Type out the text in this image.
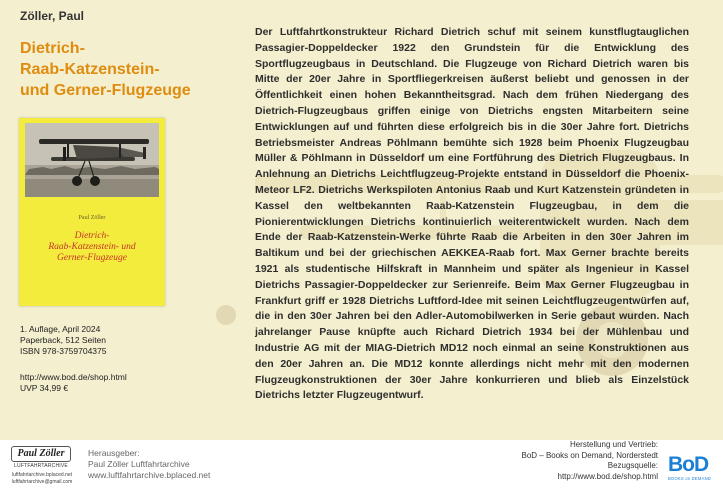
Zöller, Paul
Dietrich-
Raab-Katzenstein-
und Gerner-Flugzeuge
Paul Zöller
Dietrich-
Raab-Katzenstein- und
Gerner-Flugzeuge
1. Auflage, April 2024
Paperback, 512 Seiten
ISBN 978-3759704375
http://www.bod.de/shop.html
UVP 34,99 €
Der Luftfahrtkonstrukteur Richard Dietrich schuf mit seinem kunstflugtauglichen Passagier-Doppeldecker 1922 den Grundstein für die Entwicklung des Sportflugzeugbaus in Deutschland. Die Flugzeuge von Richard Dietrich waren bis Mitte der 20er Jahre in Sportfliegerkreisen äußerst beliebt und genossen in der Öffentlichkeit einen hohen Bekanntheitsgrad. Nach dem frühen Niedergang des Dietrich-Flugzeugbaus griffen einige von Dietrichs engsten Mitarbeitern seine Entwicklungen auf und führten diese erfolgreich bis in die 30er Jahre fort. Dietrichs Betriebsmeister Andreas Pöhlmann bemühte sich 1928 beim Phoenix Flugzeugbau Müller & Pöhlmann in Düsseldorf um eine Fortführung des Dietrich Flugzeugbaus. In Anlehnung an Dietrichs Leichtflugzeug-Projekte entstand in Düsseldorf die Phoenix-Meteor LF2. Dietrichs Werkspiloten Antonius Raab und Kurt Katzenstein gründeten in Kassel den weltbekannten Raab-Katzenstein Flugzeugbau, in dem die Pionierentwicklungen Dietrichs kontinuierlich weiterentwickelt wurden. Nach dem Ende der Raab-Katzenstein-Werke führte Raab die Arbeiten in den 30er Jahren im Baltikum und bei der griechischen AEKKEA-Raab fort. Max Gerner brachte bereits 1921 als studentische Hilfskraft in Mannheim und später als Ingenieur in Kassel Dietrichs Passagier-Doppeldecker zur Serienreife. Beim Max Gerner Flugzeugbau in Frankfurt griff er 1928 Dietrichs Luftford-Idee mit seinen Leichtflugzeugentwürfen auf, die in den 30er Jahren bei den Adler-Automobilwerken in Serie gebaut wurden. Nach jahrelanger Pause knüpfte auch Richard Dietrich 1934 bei der Mühlenbau und Industrie AG mit der MIAG-Dietrich MD12 noch einmal an seine Konstruktionen aus den 20er Jahren an. Die MD12 konnte allerdings nicht mehr mit den modernen Flugzeugkonstruktionen der 30er Jahre konkurrieren und blieb als Einzelstück Dietrichs letzter Flugzeugentwurf.
Paul Zöller
LUFTFAHRTARCHIVE
luftfahrtarchive.bplaced.net
luftfahrtarchive@gmail.com
Herausgeber:
Paul Zöller Luftfahrtarchive
www.luftfahrtarchive.bplaced.net
Herstellung und Vertrieb:
BoD – Books on Demand, Norderstedt
Bezugsquelle:
http://www.bod.de/shop.html BoD
BOOKS on DEMAND
